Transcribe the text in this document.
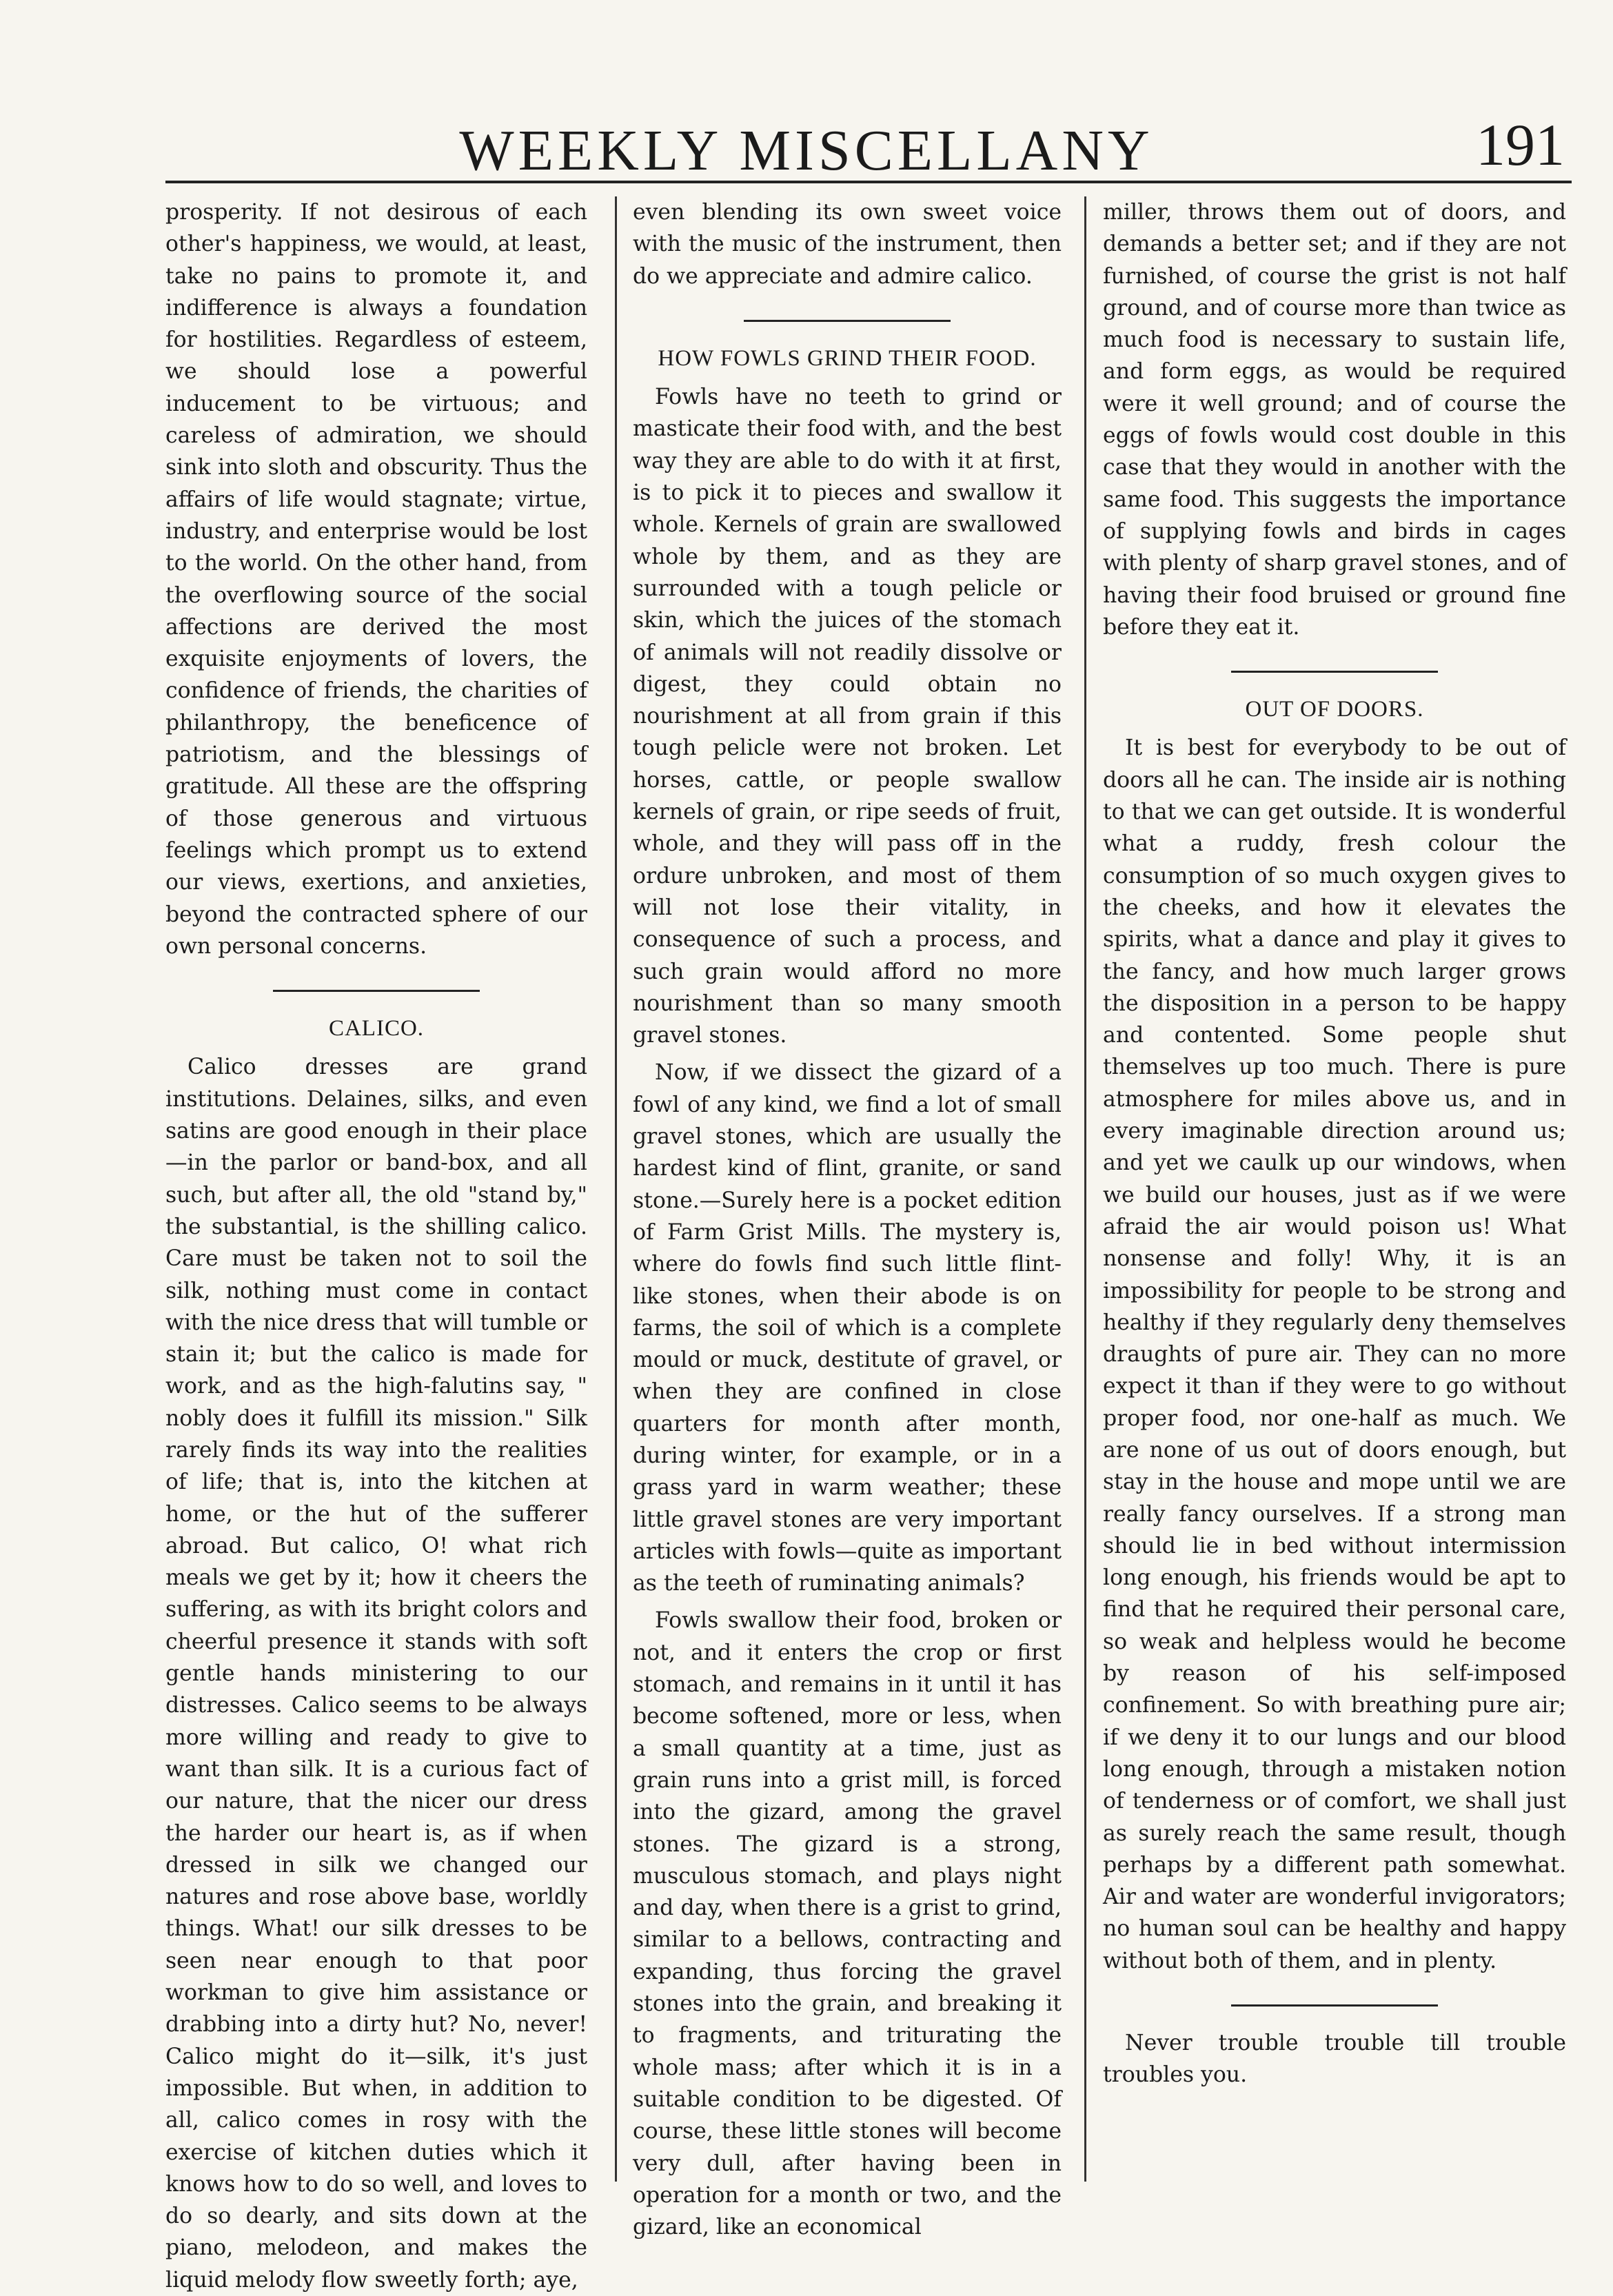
WEEKLY MISCELLANY	191

prosperity. If not desirous of each other's happiness, we would, at least, take no pains to promote it, and indifference is always a foundation for hostilities. Regardless of esteem, we should lose a powerful inducement to be virtuous; and careless of admiration, we should sink into sloth and obscurity. Thus the affairs of life would stagnate; virtue, industry, and enterprise would be lost to the world. On the other hand, from the overflowing source of the social affections are derived the most exquisite enjoyments of lovers, the confidence of friends, the charities of philanthropy, the beneficence of patriotism, and the blessings of gratitude. All these are the offspring of those generous and virtuous feelings which prompt us to extend our views, exertions, and anxieties, beyond the contracted sphere of our own personal concerns.

CALICO.

Calico dresses are grand institutions. Delaines, silks, and even satins are good enough in their place—in the parlor or band-box, and all such, but after all, the old "stand by," the substantial, is the shilling calico. Care must be taken not to soil the silk, nothing must come in contact with the nice dress that will tumble or stain it; but the calico is made for work, and as the high-falutins say, " nobly does it fulfill its mission." Silk rarely finds its way into the realities of life; that is, into the kitchen at home, or the hut of the sufferer abroad. But calico, O! what rich meals we get by it; how it cheers the suffering, as with its bright colors and cheerful presence it stands with soft gentle hands ministering to our distresses. Calico seems to be always more willing and ready to give to want than silk. It is a curious fact of our nature, that the nicer our dress the harder our heart is, as if when dressed in silk we changed our natures and rose above base, worldly things. What! our silk dresses to be seen near enough to that poor workman to give him assistance or drabbing into a dirty hut? No, never! Calico might do it—silk, it's just impossible. But when, in addition to all, calico comes in rosy with the exercise of kitchen duties which it knows how to do so well, and loves to do so dearly, and sits down at the piano, melodeon, and makes the liquid melody flow sweetly forth; aye,

even blending its own sweet voice with the music of the instrument, then do we appreciate and admire calico.

HOW FOWLS GRIND THEIR FOOD.

Fowls have no teeth to grind or masticate their food with, and the best way they are able to do with it at first, is to pick it to pieces and swallow it whole. Kernels of grain are swallowed whole by them, and as they are surrounded with a tough pelicle or skin, which the juices of the stomach of animals will not readily dissolve or digest, they could obtain no nourishment at all from grain if this tough pelicle were not broken. Let horses, cattle, or people swallow kernels of grain, or ripe seeds of fruit, whole, and they will pass off in the ordure unbroken, and most of them will not lose their vitality, in consequence of such a process, and such grain would afford no more nourishment than so many smooth gravel stones.

Now, if we dissect the gizard of a fowl of any kind, we find a lot of small gravel stones, which are usually the hardest kind of flint, granite, or sand stone.—Surely here is a pocket edition of Farm Grist Mills. The mystery is, where do fowls find such little flint-like stones, when their abode is on farms, the soil of which is a complete mould or muck, destitute of gravel, or when they are confined in close quarters for month after month, during winter, for example, or in a grass yard in warm weather; these little gravel stones are very important articles with fowls—quite as important as the teeth of ruminating animals?

Fowls swallow their food, broken or not, and it enters the crop or first stomach, and remains in it until it has become softened, more or less, when a small quantity at a time, just as grain runs into a grist mill, is forced into the gizard, among the gravel stones. The gizard is a strong, musculous stomach, and plays night and day, when there is a grist to grind, similar to a bellows, contracting and expanding, thus forcing the gravel stones into the grain, and breaking it to fragments, and triturating the whole mass; after which it is in a suitable condition to be digested. Of course, these little stones will become very dull, after having been in operation for a month or two, and the gizard, like an economical

miller, throws them out of doors, and demands a better set; and if they are not furnished, of course the grist is not half ground, and of course more than twice as much food is necessary to sustain life, and form eggs, as would be required were it well ground; and of course the eggs of fowls would cost double in this case that they would in another with the same food. This suggests the importance of supplying fowls and birds in cages with plenty of sharp gravel stones, and of having their food bruised or ground fine before they eat it.

OUT OF DOORS.

It is best for everybody to be out of doors all he can. The inside air is nothing to that we can get outside. It is wonderful what a ruddy, fresh colour the consumption of so much oxygen gives to the cheeks, and how it elevates the spirits, what a dance and play it gives to the fancy, and how much larger grows the disposition in a person to be happy and contented. Some people shut themselves up too much. There is pure atmosphere for miles above us, and in every imaginable direction around us; and yet we caulk up our windows, when we build our houses, just as if we were afraid the air would poison us! What nonsense and folly! Why, it is an impossibility for people to be strong and healthy if they regularly deny themselves draughts of pure air. They can no more expect it than if they were to go without proper food, nor one-half as much. We are none of us out of doors enough, but stay in the house and mope until we are really fancy ourselves. If a strong man should lie in bed without intermission long enough, his friends would be apt to find that he required their personal care, so weak and helpless would he become by reason of his self-imposed confinement. So with breathing pure air; if we deny it to our lungs and our blood long enough, through a mistaken notion of tenderness or of comfort, we shall just as surely reach the same result, though perhaps by a different path somewhat. Air and water are wonderful invigorators; no human soul can be healthy and happy without both of them, and in plenty.

Never trouble trouble till trouble troubles you.
